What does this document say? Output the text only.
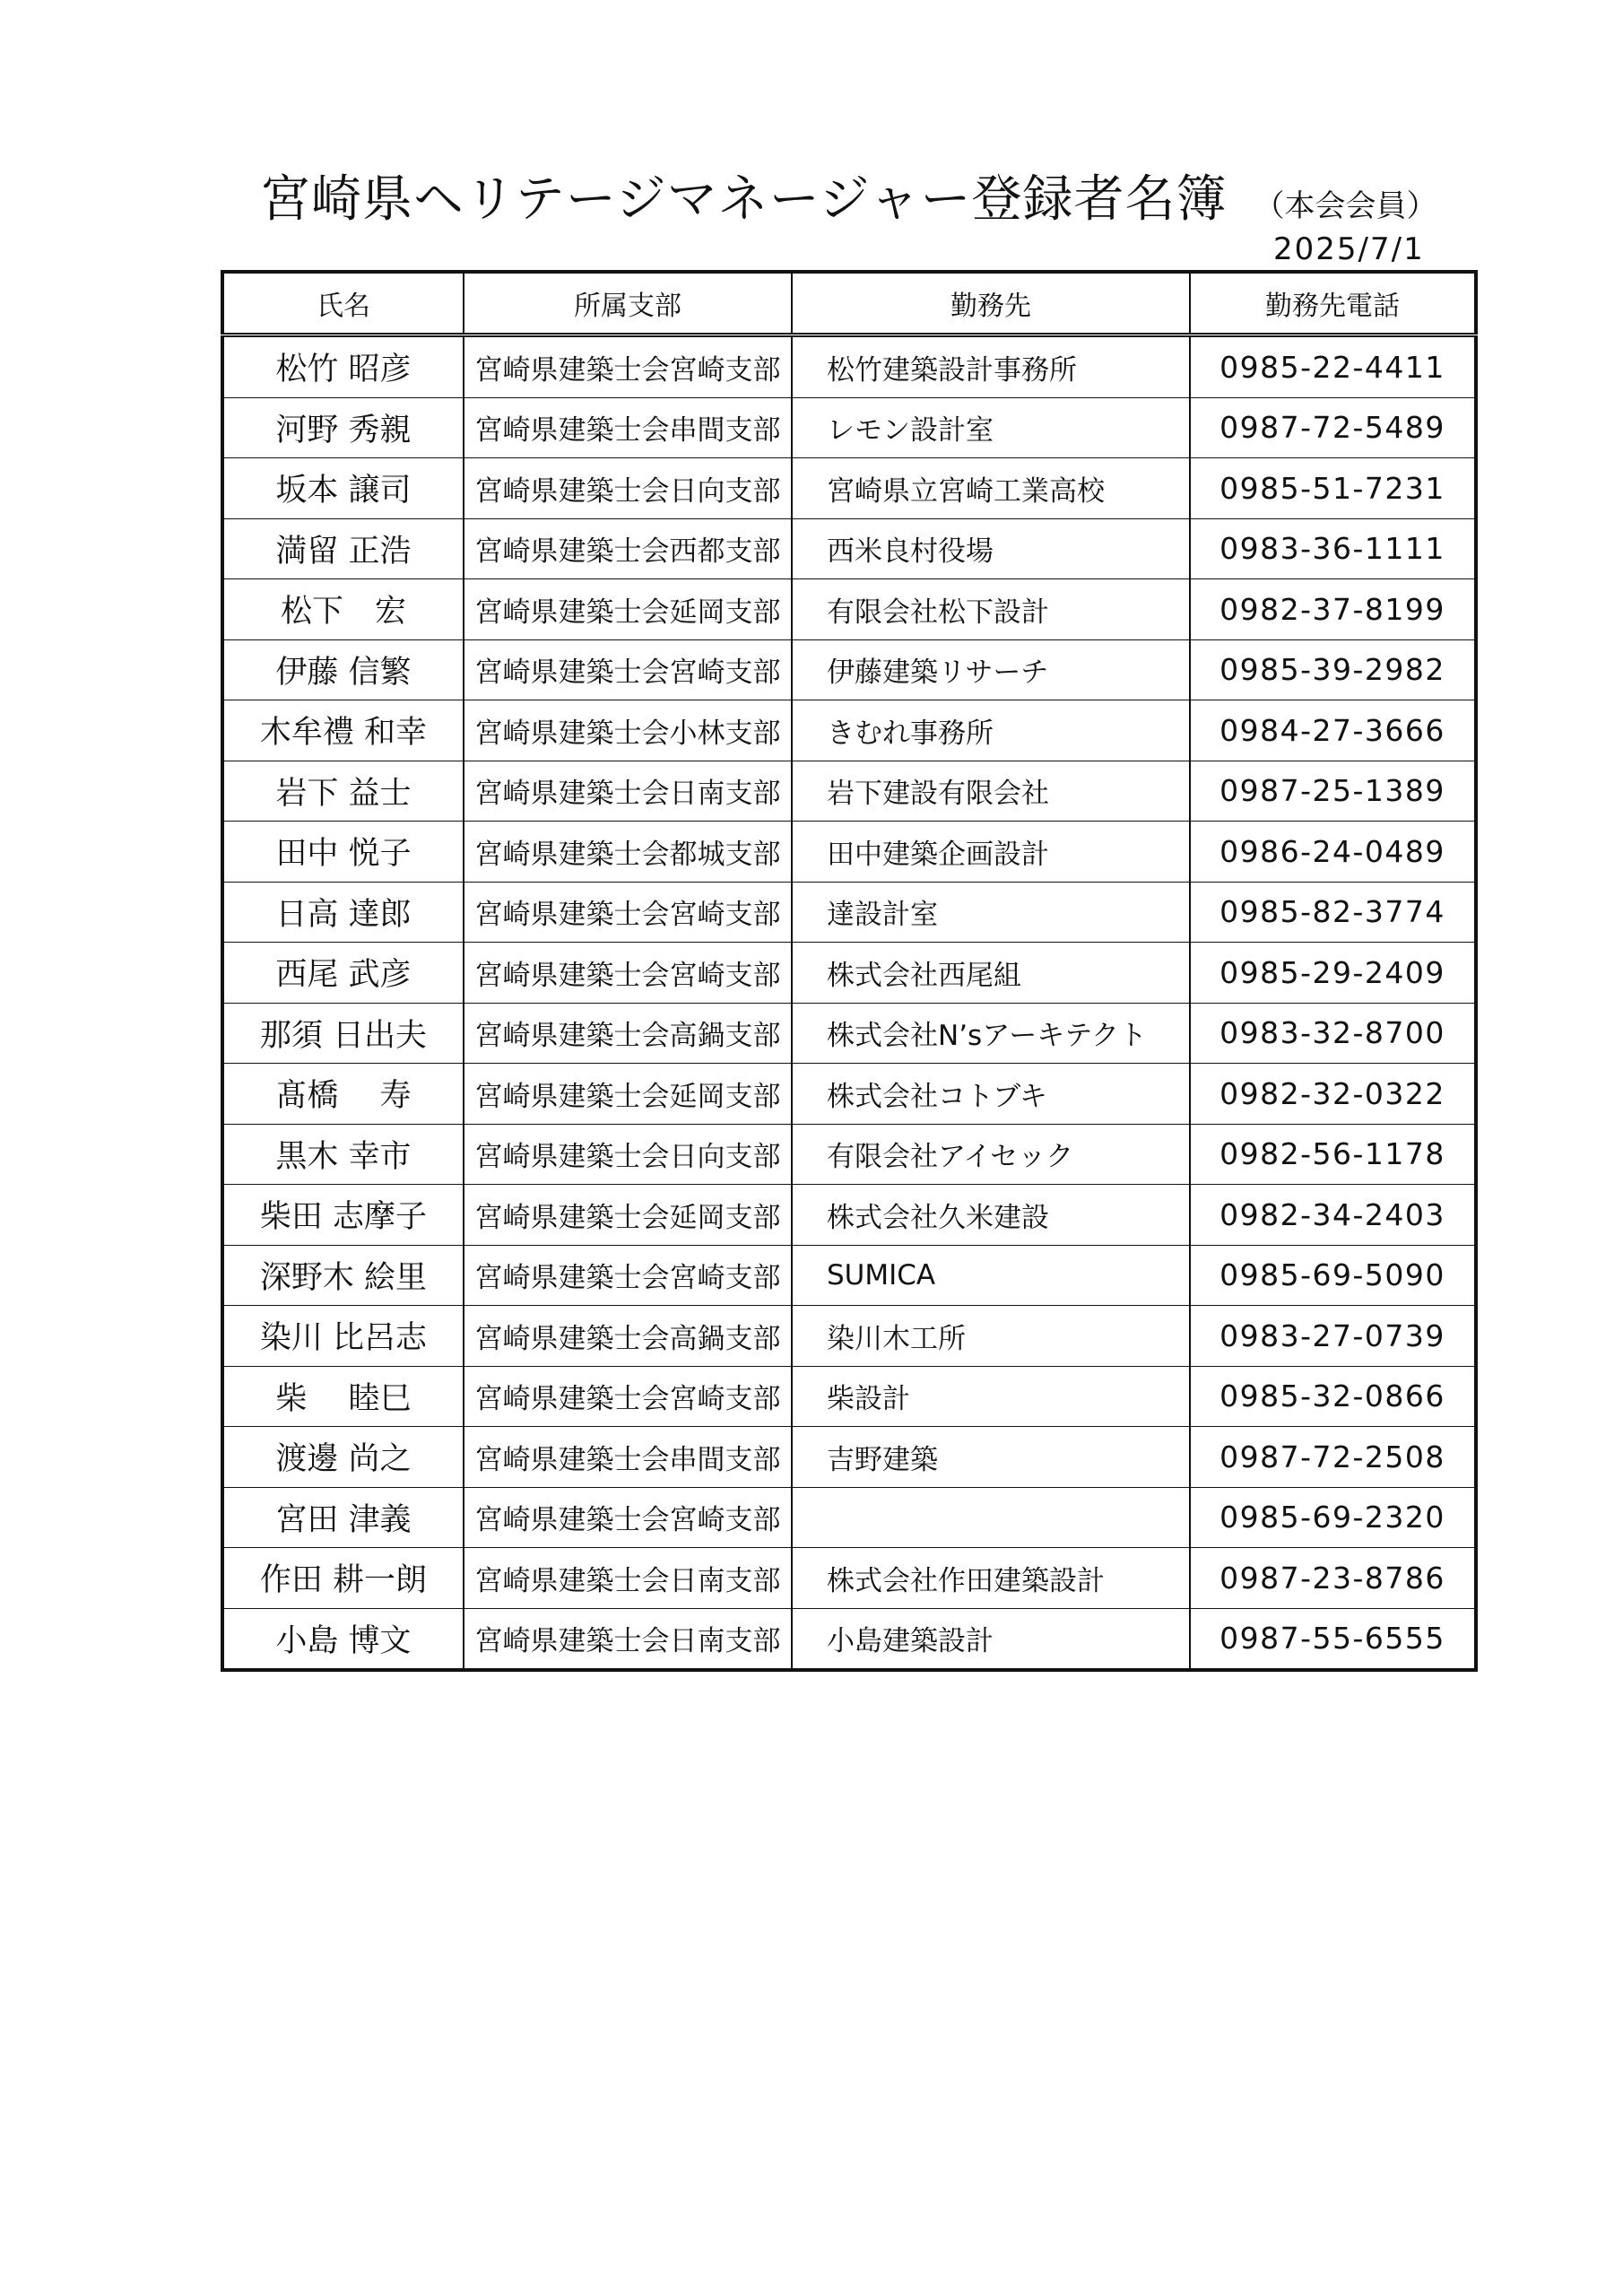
宮崎県ヘリテージマネージャー登録者名簿 （本会会員）
2025/7/1
氏名	所属支部	勤務先	勤務先電話
松竹 昭彦	宮崎県建築士会宮崎支部	松竹建築設計事務所	0985-22-4411
河野 秀親	宮崎県建築士会串間支部	レモン設計室	0987-72-5489
坂本 譲司	宮崎県建築士会日向支部	宮崎県立宮崎工業高校	0985-51-7231
満留 正浩	宮崎県建築士会西都支部	西米良村役場	0983-36-1111
松下　宏	宮崎県建築士会延岡支部	有限会社松下設計	0982-37-8199
伊藤 信繁	宮崎県建築士会宮崎支部	伊藤建築リサーチ	0985-39-2982
木牟禮 和幸	宮崎県建築士会小林支部	きむれ事務所	0984-27-3666
岩下 益士	宮崎県建築士会日南支部	岩下建設有限会社	0987-25-1389
田中 悦子	宮崎県建築士会都城支部	田中建築企画設計	0986-24-0489
日高 達郎	宮崎県建築士会宮崎支部	達設計室	0985-82-3774
西尾 武彦	宮崎県建築士会宮崎支部	株式会社西尾組	0985-29-2409
那須 日出夫	宮崎県建築士会高鍋支部	株式会社N’sアーキテクト	0983-32-8700
髙橋　 寿	宮崎県建築士会延岡支部	株式会社コトブキ	0982-32-0322
黒木 幸市	宮崎県建築士会日向支部	有限会社アイセック	0982-56-1178
柴田 志摩子	宮崎県建築士会延岡支部	株式会社久米建設	0982-34-2403
深野木 絵里	宮崎県建築士会宮崎支部	SUMICA	0985-69-5090
染川 比呂志	宮崎県建築士会高鍋支部	染川木工所	0983-27-0739
柴　 睦巳	宮崎県建築士会宮崎支部	柴設計	0985-32-0866
渡邊 尚之	宮崎県建築士会串間支部	吉野建築	0987-72-2508
宮田 津義	宮崎県建築士会宮崎支部		0985-69-2320
作田 耕一朗	宮崎県建築士会日南支部	株式会社作田建築設計	0987-23-8786
小島 博文	宮崎県建築士会日南支部	小島建築設計	0987-55-6555
